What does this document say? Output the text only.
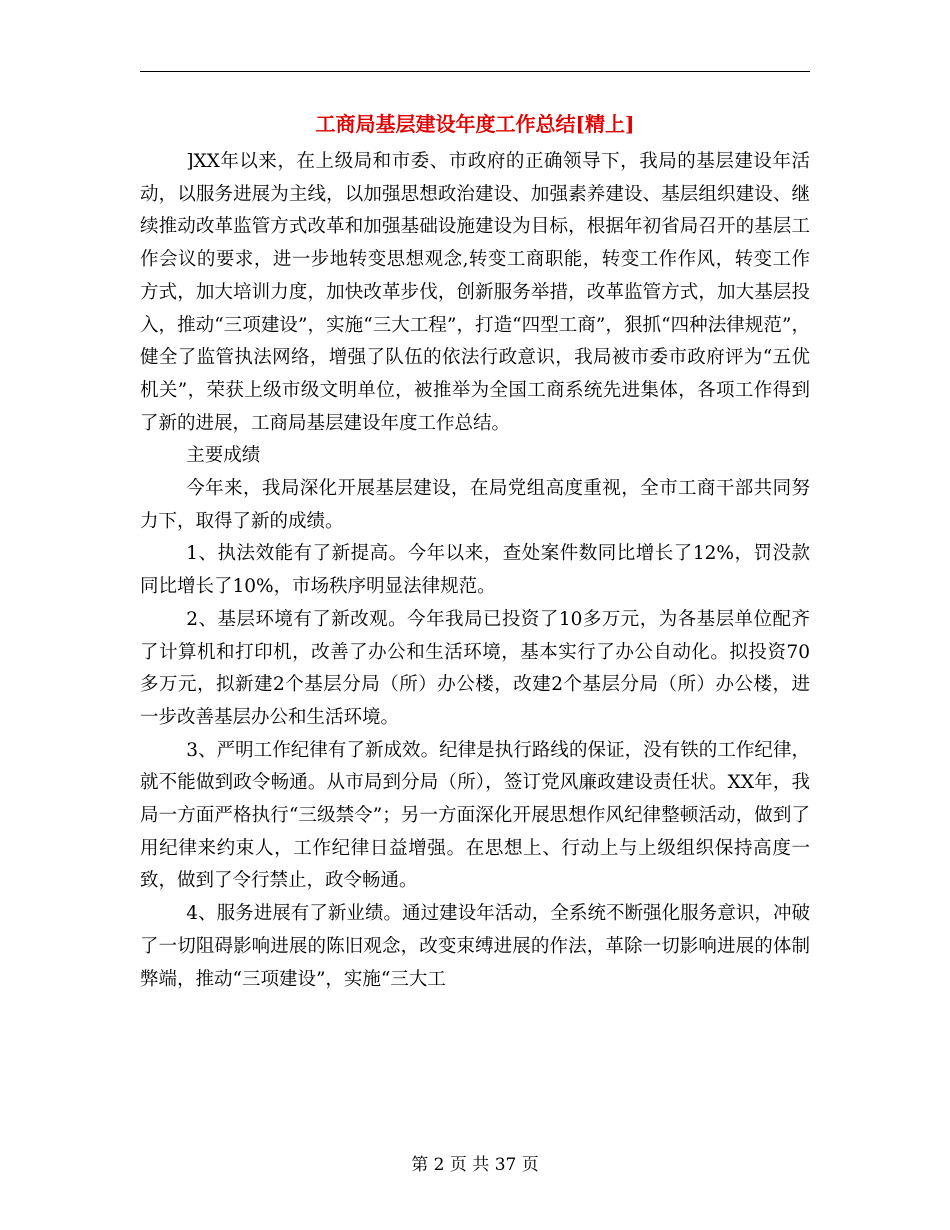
工商局基层建设年度工作总结[精上]

]XX年以来，在上级局和市委、市政府的正确领导下，我局的基层建设年活动，以服务进展为主线，以加强思想政治建设、加强素养建设、基层组织建设、继续推动改革监管方式改革和加强基础设施建设为目标，根据年初省局召开的基层工作会议的要求，进一步地转变思想观念,转变工商职能，转变工作作风，转变工作方式，加大培训力度，加快改革步伐，创新服务举措，改革监管方式，加大基层投入，推动“三项建设”，实施“三大工程”，打造“四型工商”，狠抓“四种法律规范”，健全了监管执法网络，增强了队伍的依法行政意识，我局被市委市政府评为“五优机关”，荣获上级市级文明单位，被推举为全国工商系统先进集体，各项工作得到了新的进展，工商局基层建设年度工作总结。

主要成绩

今年来，我局深化开展基层建设，在局党组高度重视，全市工商干部共同努力下，取得了新的成绩。

1、执法效能有了新提高。今年以来，查处案件数同比增长了12%，罚没款同比增长了10%，市场秩序明显法律规范。

2、基层环境有了新改观。今年我局已投资了10多万元，为各基层单位配齐了计算机和打印机，改善了办公和生活环境，基本实行了办公自动化。拟投资70多万元，拟新建2个基层分局（所）办公楼，改建2个基层分局（所）办公楼，进一步改善基层办公和生活环境。

3、严明工作纪律有了新成效。纪律是执行路线的保证，没有铁的工作纪律，就不能做到政令畅通。从市局到分局（所），签订党风廉政建设责任状。XX年，我局一方面严格执行“三级禁令”；另一方面深化开展思想作风纪律整顿活动，做到了用纪律来约束人，工作纪律日益增强。在思想上、行动上与上级组织保持高度一致，做到了令行禁止，政令畅通。

4、服务进展有了新业绩。通过建设年活动，全系统不断强化服务意识，冲破了一切阻碍影响进展的陈旧观念，改变束缚进展的作法，革除一切影响进展的体制弊端，推动“三项建设”，实施“三大工

第 2 页 共 37 页
